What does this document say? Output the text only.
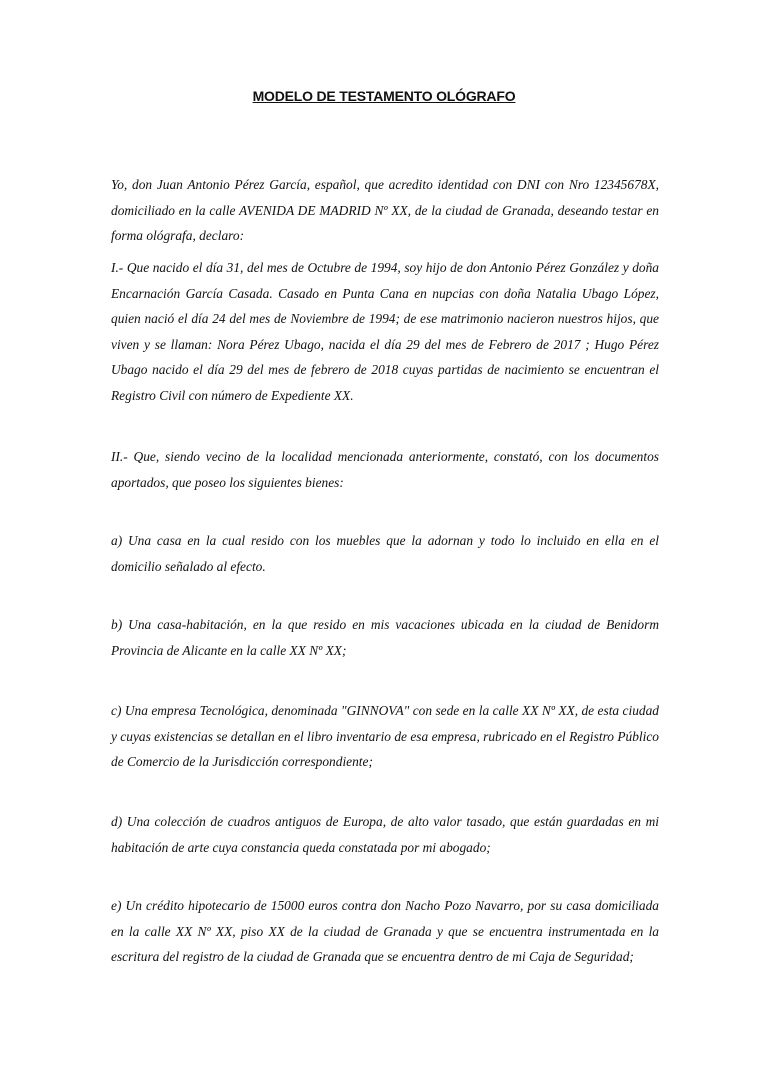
MODELO DE TESTAMENTO OLÓGRAFO

Yo, don Juan Antonio Pérez García, español, que acredito identidad con DNI con Nro 12345678X, domiciliado en la calle AVENIDA DE MADRID Nº XX, de la ciudad de Granada, deseando testar en forma ológrafa, declaro:

I.- Que nacido el día 31, del mes de Octubre de 1994, soy hijo de don Antonio Pérez González y doña Encarnación García Casada. Casado en Punta Cana en nupcias con doña Natalia Ubago López, quien nació el día 24 del mes de Noviembre de 1994; de ese matrimonio nacieron nuestros hijos, que viven y se llaman: Nora Pérez Ubago, nacida el día 29 del mes de Febrero de 2017 ; Hugo Pérez Ubago nacido el día 29 del mes de febrero de 2018 cuyas partidas de nacimiento se encuentran el Registro Civil con número de Expediente XX.

II.- Que, siendo vecino de la localidad mencionada anteriormente, constató, con los documentos aportados, que poseo los siguientes bienes:

a) Una casa en la cual resido con los muebles que la adornan y todo lo incluido en ella en el domicilio señalado al efecto.

b) Una casa-habitación, en la que resido en mis vacaciones ubicada en la ciudad de Benidorm Provincia de Alicante en la calle XX Nº XX;

c) Una empresa Tecnológica, denominada "GINNOVA" con sede en la calle XX Nº XX, de esta ciudad y cuyas existencias se detallan en el libro inventario de esa empresa, rubricado en el Registro Público de Comercio de la Jurisdicción correspondiente;

d) Una colección de cuadros antiguos de Europa, de alto valor tasado, que están guardadas en mi habitación de arte cuya constancia queda constatada por mi abogado;

e) Un crédito hipotecario de 15000 euros contra don Nacho Pozo Navarro, por su casa domiciliada en la calle XX Nº XX, piso XX de la ciudad de Granada y que se encuentra instrumentada en la escritura del registro de la ciudad de Granada que se encuentra dentro de mi Caja de Seguridad;
